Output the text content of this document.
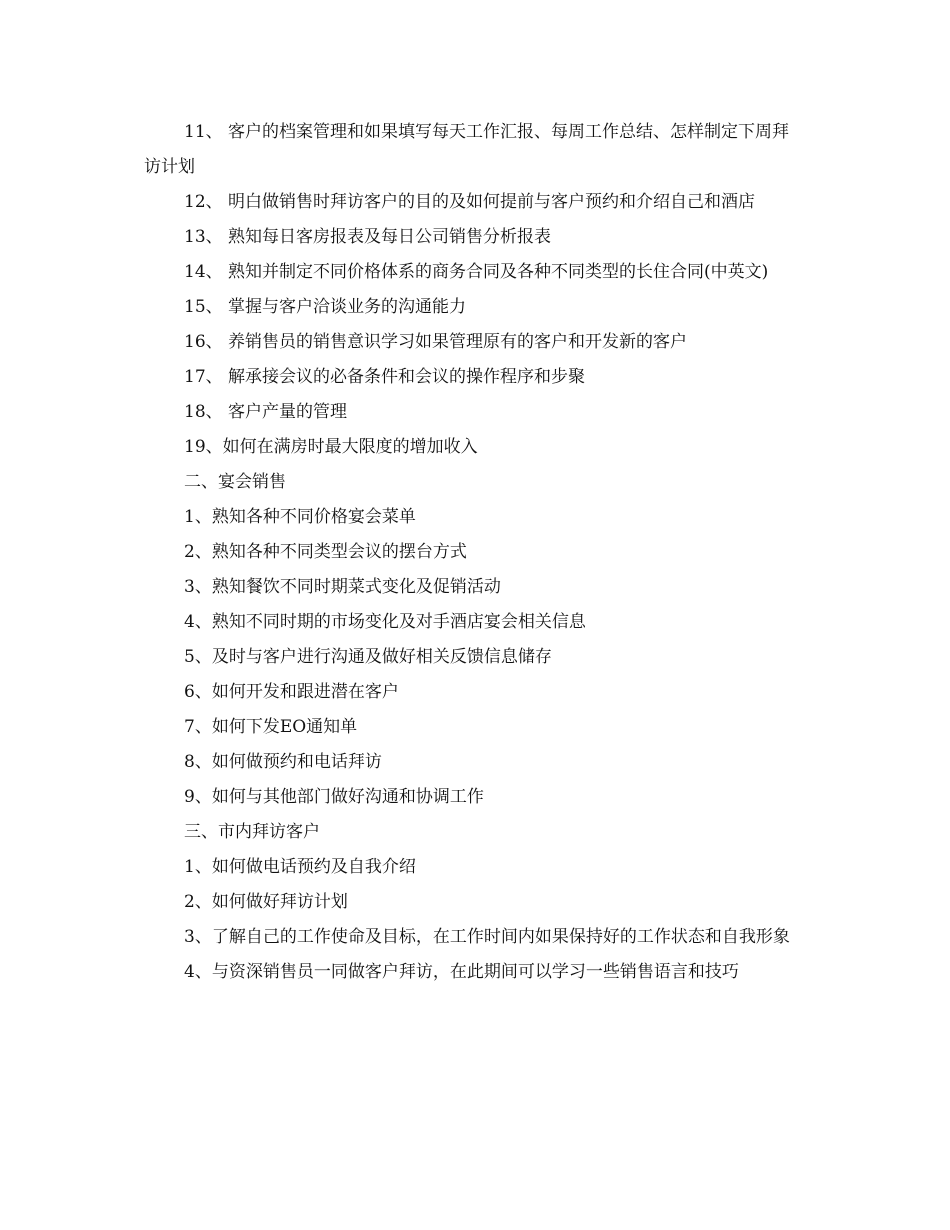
11、 客户的档案管理和如果填写每天工作汇报、每周工作总结、怎样制定下周拜访计划

12、 明白做销售时拜访客户的目的及如何提前与客户预约和介绍自己和酒店

13、 熟知每日客房报表及每日公司销售分析报表

14、 熟知并制定不同价格体系的商务合同及各种不同类型的长住合同(中英文)

15、 掌握与客户洽谈业务的沟通能力

16、 养销售员的销售意识学习如果管理原有的客户和开发新的客户

17、 解承接会议的必备条件和会议的操作程序和步聚

18、 客户产量的管理

19、如何在满房时最大限度的增加收入

二、宴会销售

1、熟知各种不同价格宴会菜单

2、熟知各种不同类型会议的摆台方式

3、熟知餐饮不同时期菜式变化及促销活动

4、熟知不同时期的市场变化及对手酒店宴会相关信息

5、及时与客户进行沟通及做好相关反馈信息储存

6、如何开发和跟进潜在客户

7、如何下发EO通知单

8、如何做预约和电话拜访

9、如何与其他部门做好沟通和协调工作

三、市内拜访客户

1、如何做电话预约及自我介绍

2、如何做好拜访计划

3、了解自己的工作使命及目标，在工作时间内如果保持好的工作状态和自我形象

4、与资深销售员一同做客户拜访，在此期间可以学习一些销售语言和技巧
